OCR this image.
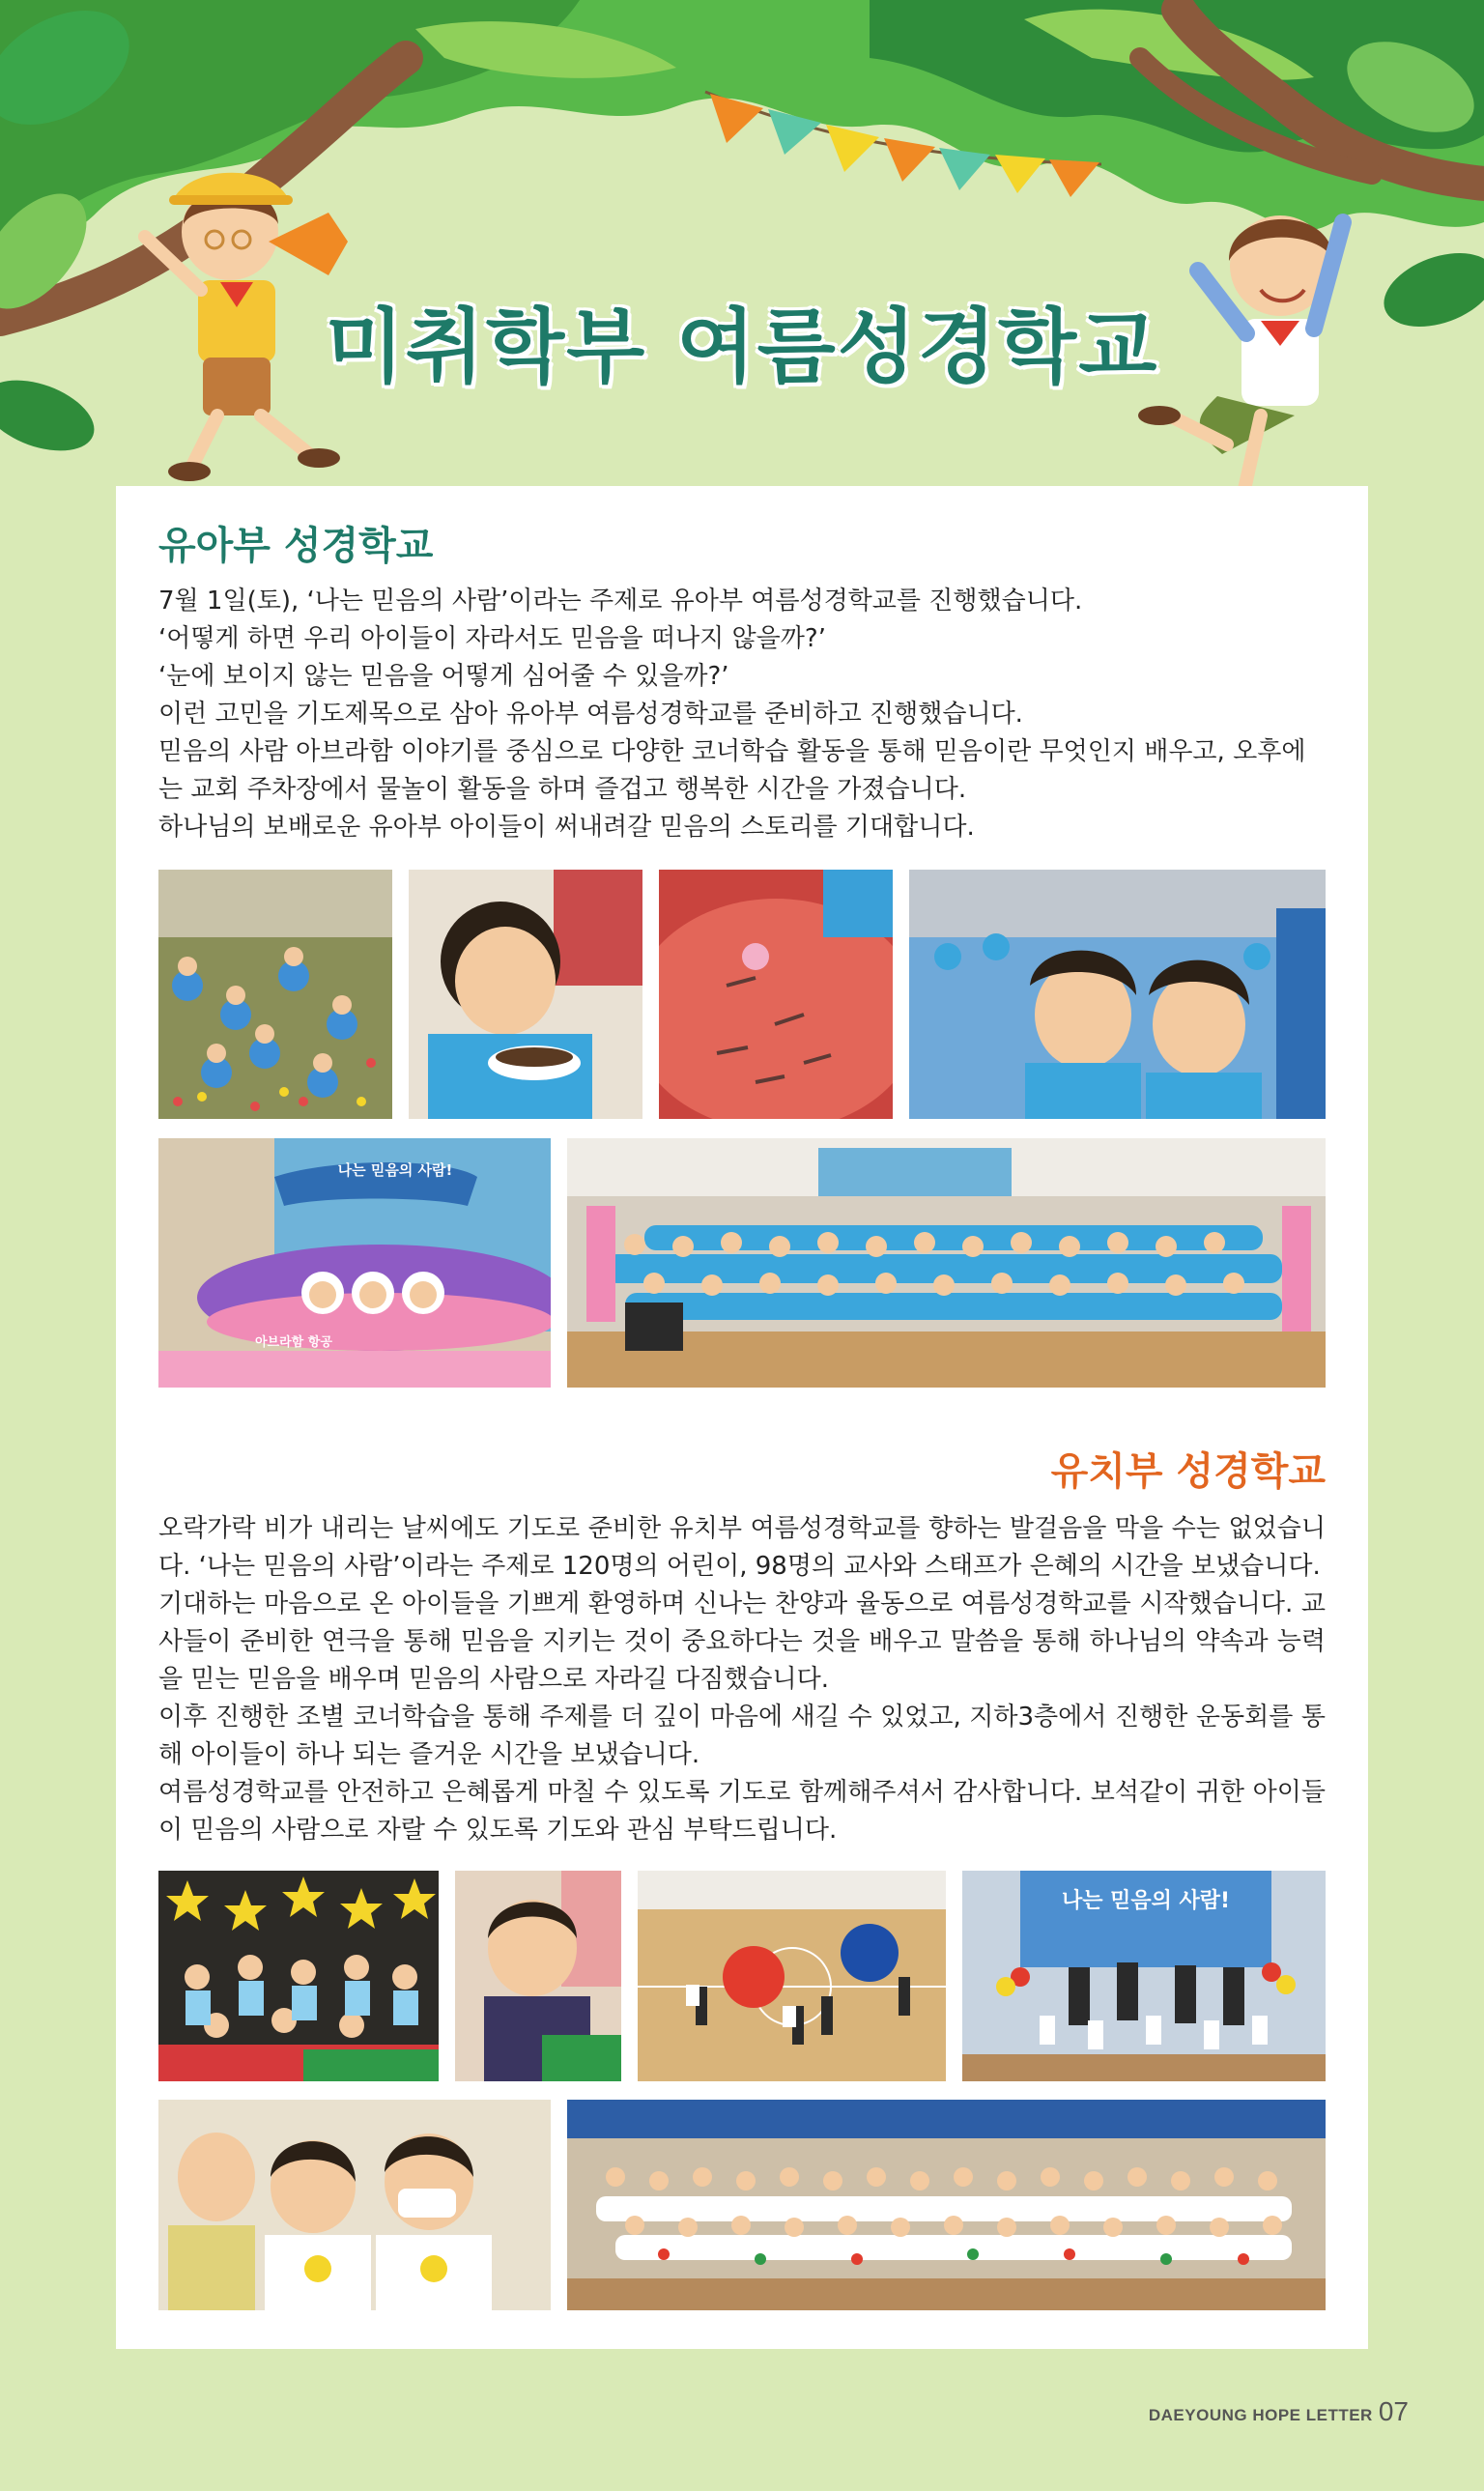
미취학부 여름성경학교
유아부 성경학교

7월 1일(토), ‘나는 믿음의 사람’이라는 주제로 유아부 여름성경학교를 진행했습니다.

‘어떻게 하면 우리 아이들이 자라서도 믿음을 떠나지 않을까?’

‘눈에 보이지 않는 믿음을 어떻게 심어줄 수 있을까?’

이런 고민을 기도제목으로 삼아 유아부 여름성경학교를 준비하고 진행했습니다.

믿음의 사람 아브라함 이야기를 중심으로 다양한 코너학습 활동을 통해 믿음이란 무엇인지 배우고, 오후에는 교회 주차장에서 물놀이 활동을 하며 즐겁고 행복한 시간을 가졌습니다.

하나님의 보배로운 유아부 아이들이 써내려갈 믿음의 스토리를 기대합니다.

나는 믿음의 사람!
아브라함 항공
유치부 성경학교

오락가락 비가 내리는 날씨에도 기도로 준비한 유치부 여름성경학교를 향하는 발걸음을 막을 수는 없었습니다. ‘나는 믿음의 사람’이라는 주제로 120명의 어린이, 98명의 교사와 스태프가 은혜의 시간을 보냈습니다.

기대하는 마음으로 온 아이들을 기쁘게 환영하며 신나는 찬양과 율동으로 여름성경학교를 시작했습니다. 교사들이 준비한 연극을 통해 믿음을 지키는 것이 중요하다는 것을 배우고 말씀을 통해 하나님의 약속과 능력을 믿는 믿음을 배우며 믿음의 사람으로 자라길 다짐했습니다.

이후 진행한 조별 코너학습을 통해 주제를 더 깊이 마음에 새길 수 있었고, 지하3층에서 진행한 운동회를 통해 아이들이 하나 되는 즐거운 시간을 보냈습니다.

여름성경학교를 안전하고 은혜롭게 마칠 수 있도록 기도로 함께해주셔서 감사합니다. 보석같이 귀한 아이들이 믿음의 사람으로 자랄 수 있도록 기도와 관심 부탁드립니다.

나는 믿음의 사람!
DAEYOUNG HOPE LETTER 07
